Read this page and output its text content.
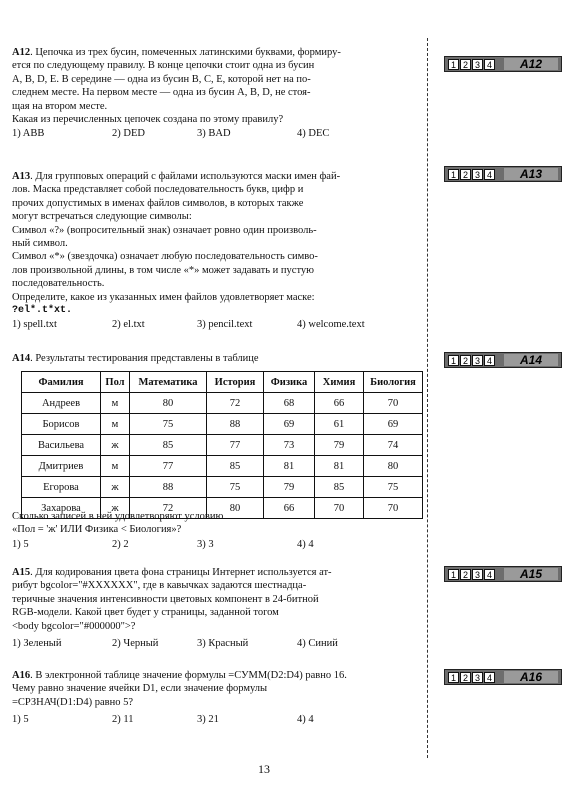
A12. Цепочка из трех бусин, помеченных латинскими буквами, формиру-

ется по следующему правилу. В конце цепочки стоит одна из бусин

A, B, D, E. В середине — одна из бусин B, C, E, которой нет на по-

следнем месте. На первом месте — одна из бусин A, B, D, не стоя-

щая на втором месте.

Какая из перечисленных цепочек создана по этому правилу?

1) ABB	2) DED	3) BAD	4) DEC
1 2 3 4	A12

A13. Для групповых операций с файлами используются маски имен фай-

лов. Маска представляет собой последовательность букв, цифр и

прочих допустимых в именах файлов символов, в которых также

могут встречаться следующие символы:

Символ «?» (вопросительный знак) означает ровно один произволь-

ный символ.

Символ «*» (звездочка) означает любую последовательность симво-

лов произвольной длины, в том числе «*» может задавать и пустую

последовательность.

Определите, какое из указанных имен файлов удовлетворяет маске:

?el*.t*xt.

1) spell.txt	2) el.txt	3) pencil.text	4) welcome.text
1 2 3 4	A13

A14. Результаты тестирования представлены в таблице	1 2 3 4	A14
Фамилия	Пол	Математика	История	Физика	Химия	Биология
Андреев	м	80	72	68	66	70
Борисов	м	75	88	69	61	69
Васильева	ж	85	77	73	79	74
Дмитриев	м	77	85	81	81	80
Егорова	ж	88	75	79	85	75
Захарова	ж	72	80	66	70	70

Сколько записей в ней удовлетворяют условию

«Пол = 'ж' ИЛИ Физика < Биология»?

1) 5	2) 2	3) 3	4) 4

A15. Для кодирования цвета фона страницы Интернет используется ат-

рибут bgcolor="#XXXXXX", где в кавычках задаются шестнадца-

теричные значения интенсивности цветовых компонент в 24-битной

RGB-модели. Какой цвет будет у страницы, заданной тогом

<body bgcolor="#000000">?

1) Зеленый	2) Черный	3) Красный	4) Синий
1 2 3 4	A15

A16. В электронной таблице значение формулы =СУММ(D2:D4) равно 16.

Чему равно значение ячейки D1, если значение формулы

=СРЗНАЧ(D1:D4) равно 5?

1) 5	2) 11	3) 21	4) 4
1 2 3 4	A16
13
